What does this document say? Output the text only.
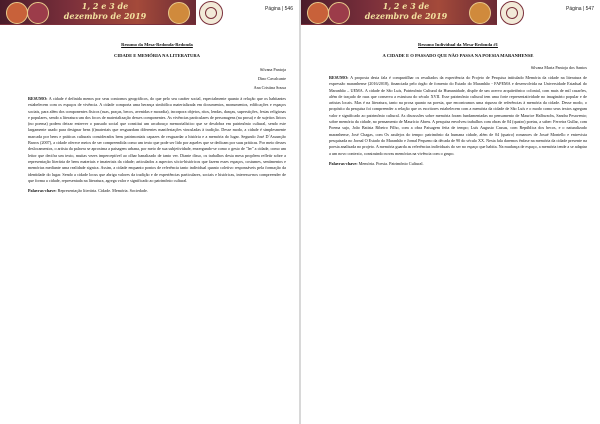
1, 2 e 3 de
dezembro de 2019
Página | 546
Resumo da Mesa-Redonda-Redonda
CIDADE E MEMÓRIA NA LITERATURA
Silvana Pantoja
Dino Cavalcante
Ana Cristina Sousa

RESUMO: A cidade é definida menos por seus contornos geográficos, do que pelo seu caráter social, especialmente quanto à relação que os habitantes estabelecem com os espaços de vivência. A cidade comporta uma herança simbólica materializada em documentos, monumentos, edificações e espaços sociais, para além dos componentes físicos (ruas, praças, becos, avenidas e moradia), incorpora objetos, ritos, lendas, danças, superstições, festas religiosas e populares, sendo a literatura um dos focos de materialização desses componentes. As vivências particulares de personagens (na prosa) e de sujeitos líricos (no poema) podem deixar entrever o passado social que constitui um arcabouço memorialístico que se desdobra em patrimônio cultural, sendo este largamente usado para designar bens (i)materiais que resguardam diferentes manifestações vinculadas à tradição. Desse modo, a cidade é simplesmente marcada por bens e práticas culturais considerados bens patrimoniais capazes de resguardar a história e a memória do lugar. Segundo José D´Assunção Barros (2007), a cidade oferece meios de ser compreendida como um texto que pode ser lido por aqueles que se dedicam por suas práticas. Por meio desses deslocamentos, o artista da palavra se aproxima a paisagem urbana, por meio de sua subjetividade, enxergando-se como o gesto de "ler" a cidade, como um leitor que decifra um texto, muitas vezes imperceptível ao olhar banalizado de tanto ver. Diante disso, os trabalhos desta mesa propõem refletir sobre a representação literária de bens materiais e imateriais da cidade; articulados a aspectos sócio-históricos que fazem esses espaços, costumes, sentimentos e memórias mediante uma realidade signica. Assim, a cidade enquanto pontos de referência tanto individual quanto coletivo responsáveis pela formação da identidade do lugar. Sendo a cidade locus que abriga valores da tradição e de experiências particulares, sociais e históricas, interessa-nos compreender de que forma a cidade, representada na literatura, agrega valor e significado ao patrimônio cultural.

Palavras-chave: Representação literária. Cidade. Memória. Sociedade.
1, 2 e 3 de
dezembro de 2019
Página | 547
Resumo Individual da Mesa-Redonda #1
A CIDADE E O PASSADO QUE NÃO PASSA NA POESIA MARANHENSE
Silvana Maria Pantoja dos Santos

RESUMO: A proposta desta fala é compartilhar os resultados da experiência do Projeto de Pesquisa intitulado Memória da cidade na literatura de expressão maranhense (2016/2018), financiada pelo órgão de fomento do Estado do Maranhão - FAPEMA e desenvolvida na Universidade Estadual do Maranhão – UEMA. A cidade de São Luís, Patrimônio Cultural da Humanidade, dispõe de um acervo arquitetônico colonial, com mais de mil casarões, além de traçado de ruas que conserva a estrutura do século XVII. Esse patrimônio cultural tem uma forte representatividade no imaginário popular e de artistas locais. Mas é na literatura, tanto na prosa quanto na poesia, que encontramos uma riqueza de referências à memória da cidade. Desse modo, o propósito da pesquisa foi compreender a relação que os escritores estabelecem com a memória da cidade de São Luís e o modo como seus textos agregam valor e significado ao patrimônio cultural. As discussões sobre memória foram fundamentadas no pensamento de Maurice Halbwachs, Sandra Pesavento; sobre memória da cidade, no pensamento de Maurício Abreu. A pesquisa envolveu trabalhos com obras de 04 (quatro) poetas, a saber: Ferreira Gullar, com Poema sujo, João Batista Ribeiro Filho, com a obra Paisagem feita de tempo; Luís Augusto Cassas, com República dos becos, e o naturalizado maranhense, José Chagas, com Os azulejos do tempo: patrimônio da humana cidade, além de 04 (quatro) romances de Josué Montello e entrevista pesquisada no Jornal O Estado do Maranhão e Jornal Pequeno da década de 90 do século XX. Nesta fala daremos ênfase na memória da cidade presente na poesia analisada no projeto. A memória guarda as referências individuais do ser no espaço que habita. Na mudança de espaço, a memória tende a se adaptar a um novo contexto, construindo novas memórias na vivência com o grupo.

Palavras-chave: Memória. Poesia. Patrimônio Cultural.
